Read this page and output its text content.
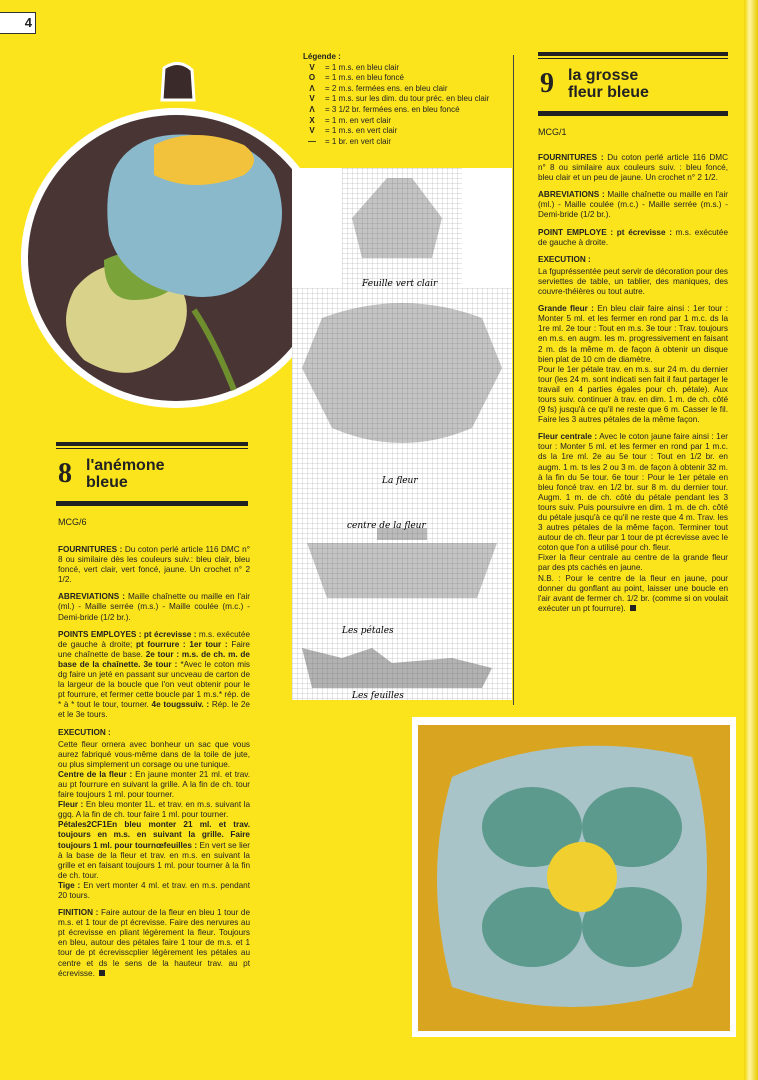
4
8 l'anémone
bleue
MCG/6

FOURNITURES : Du coton perlé article 116 DMC n° 8 ou similaire dès les couleurs suiv.: bleu clair, bleu foncé, vert clair, vert foncé, jaune. Un crochet n° 2 1/2.

ABREVIATIONS : Maille chaînette ou maille en l'air (ml.) - Maille serrée (m.s.) - Maille coulée (m.c.) - Demi-bride (1/2 br.).

POINTS EMPLOYES : pt écrevisse : m.s. exécutée de gauche à droite; pt fourrure : 1er tour : Faire une chaînette de base. 2e tour : m.s. de ch. m. de base de la chaînette. 3e tour : *Avec le coton mis dg faire un jeté en passant sur uncveau de carton de la largeur de la boucle que l'on veut obtenir pour le pt fourrure, et fermer cette boucle par 1 m.s.* rép. de * à * tout le tour, tourner. 4e tougssuiv. : Rép. le 2e et le 3e tours.

EXECUTION :

Cette fleur ornera avec bonheur un sac que vous aurez fabriqué vous-même dans de la toile de jute, ou plus simplement un corsage ou une tunique.

Centre de la fleur : En jaune monter 21 ml. et trav. au pt fourrure en suivant la grille. A la fin de ch. tour faire toujours 1 ml. pour tourner.

Fleur : En bleu monter 1L. et trav. en m.s. suivant la ggq. A la fin de ch. tour faire 1 ml. pour tourner.

Pétales2CF1En bleu monter 21 ml. et trav. toujours en m.s. en suivant la grille. Faire toujours 1 ml. pour tournœfeuilles : En vert se lier à la base de la fleur et trav. en m.s. en suivant la grille et en faisant toujours 1 ml. pour tourner à la fin de ch. tour.

Tige : En vert monter 4 ml. et trav. en m.s. pendant 20 tours.

FINITION : Faire autour de la fleur en bleu 1 tour de m.s. et 1 tour de pt écrevisse. Faire des nervures au pt écrevisse en pliant légèrement la fleur. Toujours en bleu, autour des pétales faire 1 tour de m.s. et 1 tour de pt écrevisscplier légèrement les pétales au centre et ds le sens de la hauteur trav. au pt écrevisse.

Légende :
V	= 1 m.s. en bleu clair
O	= 1 m.s. en bleu foncé
Λ	= 2 m.s. fermées ens. en bleu clair
V	= 1 m.s. sur les dim. du tour préc. en bleu clair
Λ	= 3 1/2 br. fermées ens. en bleu foncé
X	= 1 m. en vert clair
V	= 1 m.s. en vert clair
—	= 1 br. en vert clair
Feuille vert clair
La fleur
centre de la fleur
Les pétales
Les feuilles
9 la grosse
fleur bleue
MCG/1

FOURNITURES : Du coton perlé article 116 DMC n° 8 ou similaire aux couleurs suiv. : bleu foncé, bleu clair et un peu de jaune. Un crochet n° 2 1/2.

ABREVIATIONS : Maille chaînette ou maille en l'air (ml.) - Maille coulée (m.c.) - Maille serrée (m.s.) - Demi-bride (1/2 br.).

POINT EMPLOYE : pt écrevisse : m.s. exécutée de gauche à droite.

EXECUTION :

La fgupréssentée peut servir de décoration pour des serviettes de table, un tablier, des maniques, des couvre-théières ou tout autre.

Grande fleur : En bleu clair faire ainsi : 1er tour : Monter 5 ml. et les fermer en rond par 1 m.c. ds la 1re ml. 2e tour : Tout en m.s. 3e tour : Trav. toujours en m.s. en augm. les m. progressivement en faisant 2 m. ds la même m. de façon à obtenir un disque bien plat de 10 cm de diamètre.

Pour le 1er pétale trav. en m.s. sur 24 m. du dernier tour (les 24 m. sont indicati sen fait il faut partager le travail en 4 parties égales pour ch. pétale). Aux tours suiv. continuer à trav. en dim. 1 m. de ch. côté (9 fs) jusqu'à ce qu'il ne reste que 6 m. Casser le fil. Faire les 3 autres pétales de la même façon.

Fleur centrale : Avec le coton jaune faire ainsi : 1er tour : Monter 5 ml. et les fermer en rond par 1 m.c. ds la 1re ml. 2e au 5e tour : Tout en 1/2 br. en augm. 1 m. ts les 2 ou 3 m. de façon à obtenir 32 m. à la fin du 5e tour. 6e tour : Pour le 1er pétale en bleu foncé trav. en 1/2 br. sur 8 m. du dernier tour. Augm. 1 m. de ch. côté du pétale pendant les 3 tours suiv. Puis poursuivre en dim. 1 m. de ch. côté du pétale jusqu'à ce qu'il ne reste que 4 m. Trav. les 3 autres pétales de la même façon. Terminer tout autour de ch. fleur par 1 tour de pt écrevisse avec le coton que l'on a utilisé pour ch. fleur.

Fixer la fleur centrale au centre de la grande fleur par des pts cachés en jaune.

N.B. : Pour le centre de la fleur en jaune, pour donner du gonflant au point, laisser une boucle en l'air avant de fermer ch. 1/2 br. (comme si on voulait exécuter un pt fourrure).
